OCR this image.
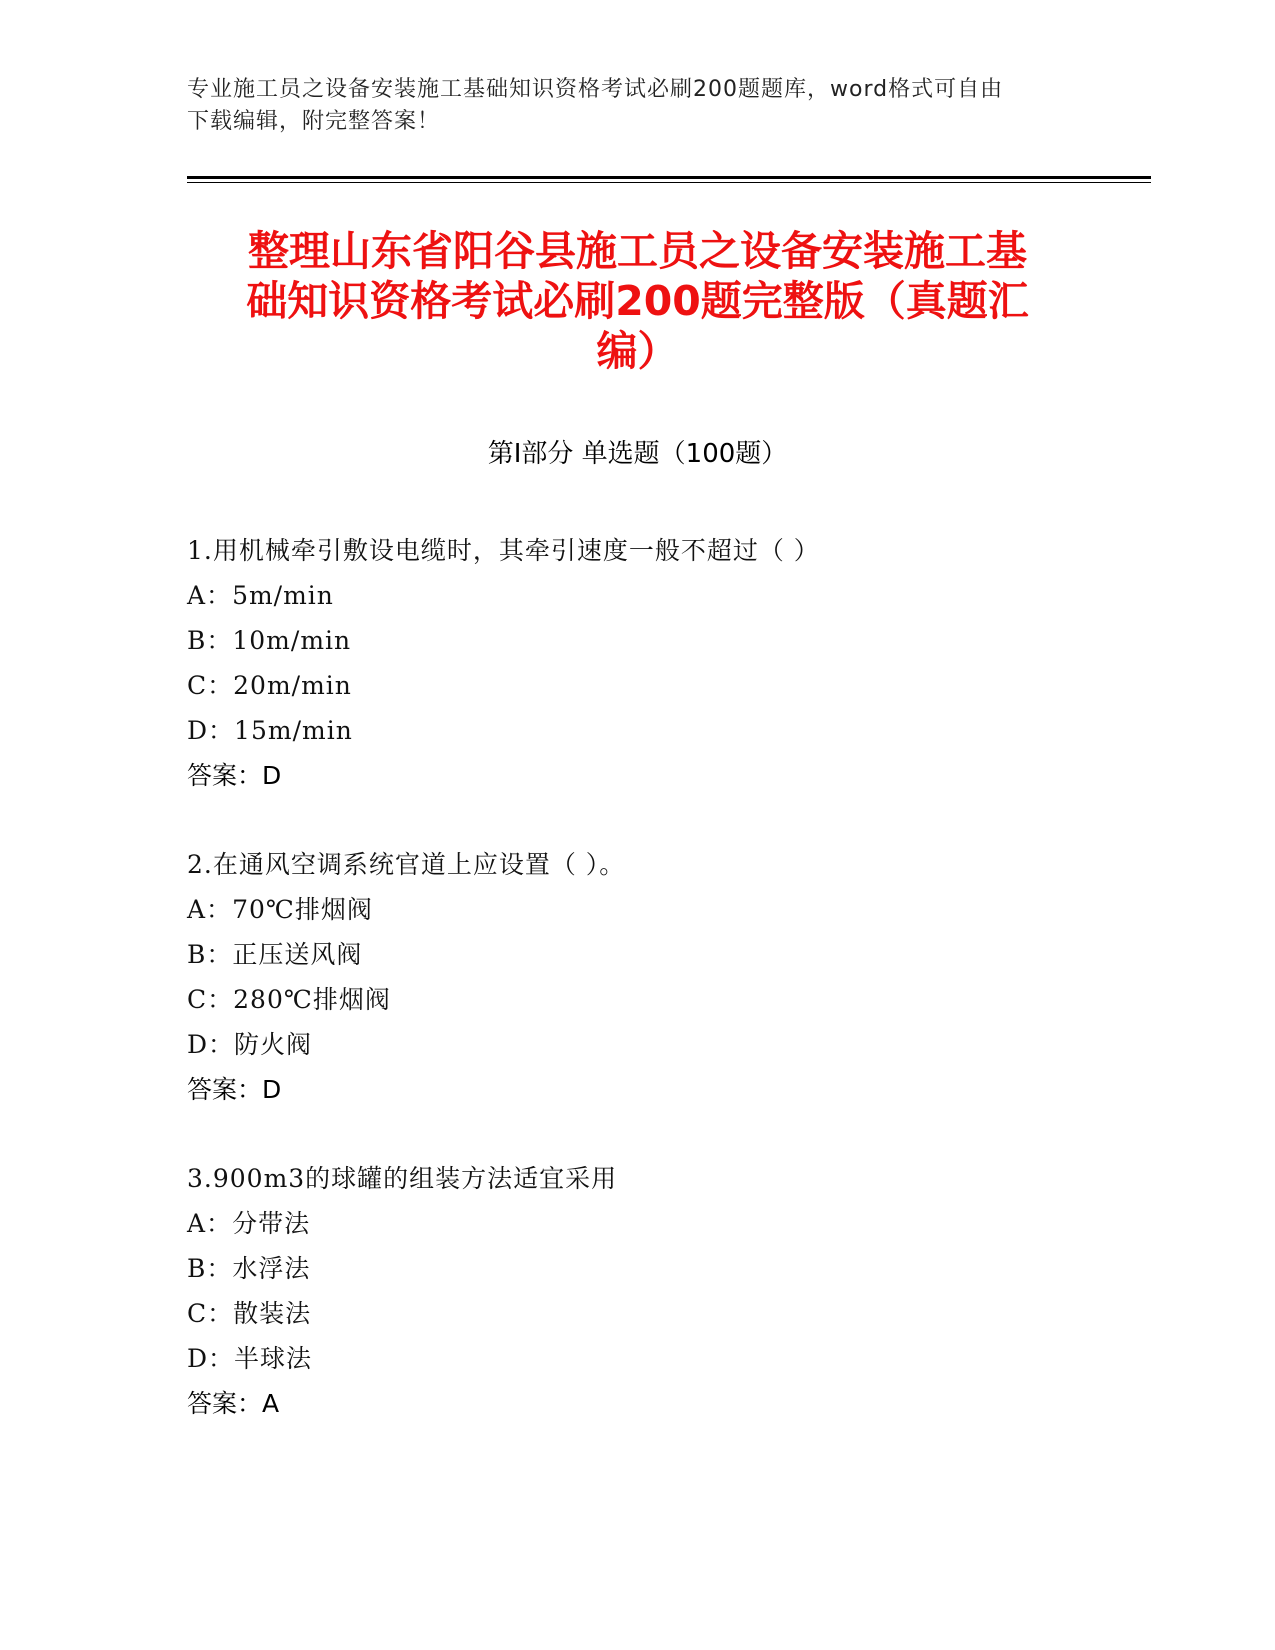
专业施工员之设备安装施工基础知识资格考试必刷200题题库，word格式可自由
下载编辑，附完整答案！
整理山东省阳谷县施工员之设备安装施工基
础知识资格考试必刷200题完整版（真题汇
编）
第Ⅰ部分 单选题（100题）
1.用机械牵引敷设电缆时，其牵引速度一般不超过（ ）
A：5m/min
B：10m/min
C：20m/min
D：15m/min
答案：D
2.在通风空调系统官道上应设置（ ）。
A：70℃排烟阀
B：正压送风阀
C：280℃排烟阀
D：防火阀
答案：D
3.900m3的球罐的组装方法适宜采用
A：分带法
B：水浮法
C：散装法
D：半球法
答案：A
